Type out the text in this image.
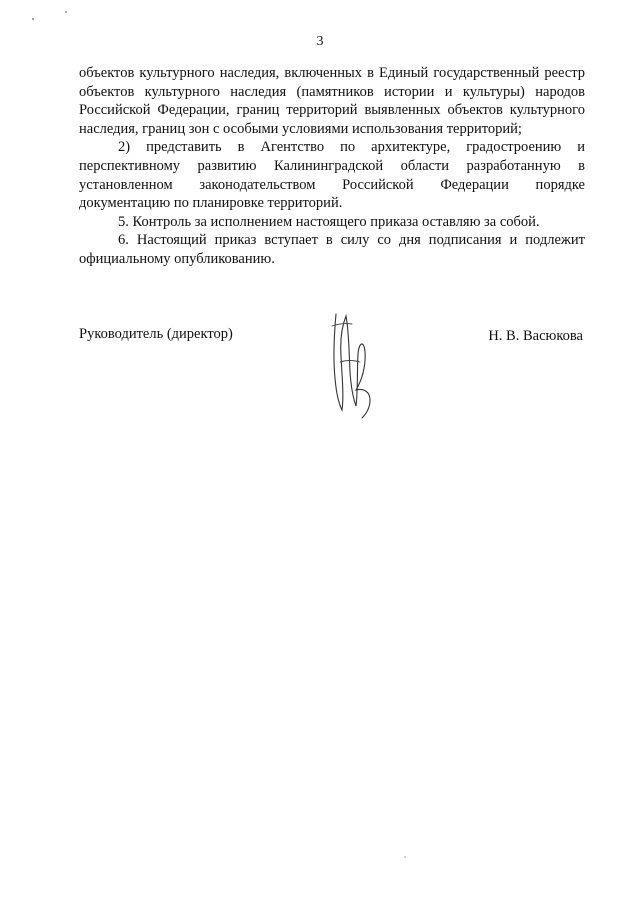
3

объектов культурного наследия, включенных в Единый государственный реестр объектов культурного наследия (памятников истории и культуры) народов Российской Федерации, границ территорий выявленных объектов культурного наследия, границ зон с особыми условиями использования территорий;

2) представить в Агентство по архитектуре, градостроению и перспективному развитию Калининградской области разработанную в установленном законодательством Российской Федерации порядке документацию по планировке территорий.

5. Контроль за исполнением настоящего приказа оставляю за собой.

6. Настоящий приказ вступает в силу со дня подписания и подлежит официальному опубликованию.

Руководитель (директор)	Н. В. Васюкова
